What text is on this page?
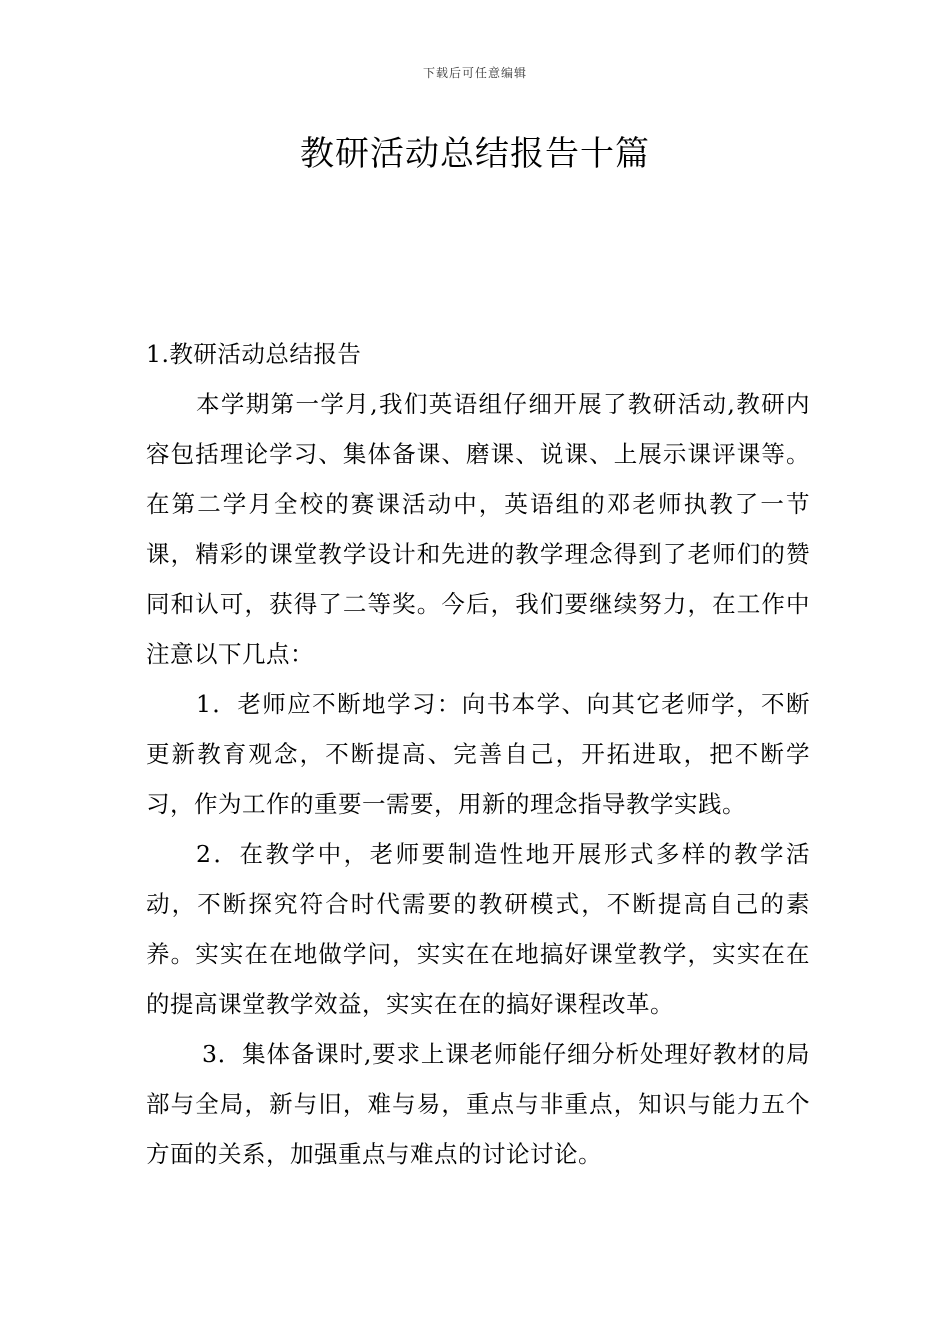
下载后可任意编辑
教研活动总结报告十篇

1.教研活动总结报告

本学期第一学月,我们英语组仔细开展了教研活动,教研内容包括理论学习、集体备课、磨课、说课、上展示课评课等。在第二学月全校的赛课活动中，英语组的邓老师执教了一节课，精彩的课堂教学设计和先进的教学理念得到了老师们的赞同和认可，获得了二等奖。今后，我们要继续努力，在工作中注意以下几点：

1．老师应不断地学习：向书本学、向其它老师学，不断更新教育观念，不断提高、完善自己，开拓进取，把不断学习，作为工作的重要一需要，用新的理念指导教学实践。

2．在教学中，老师要制造性地开展形式多样的教学活动，不断探究符合时代需要的教研模式，不断提高自己的素养。实实在在地做学问，实实在在地搞好课堂教学，实实在在的提高课堂教学效益，实实在在的搞好课程改革。

3．集体备课时,要求上课老师能仔细分析处理好教材的局部与全局，新与旧，难与易，重点与非重点，知识与能力五个方面的关系，加强重点与难点的讨论讨论。
